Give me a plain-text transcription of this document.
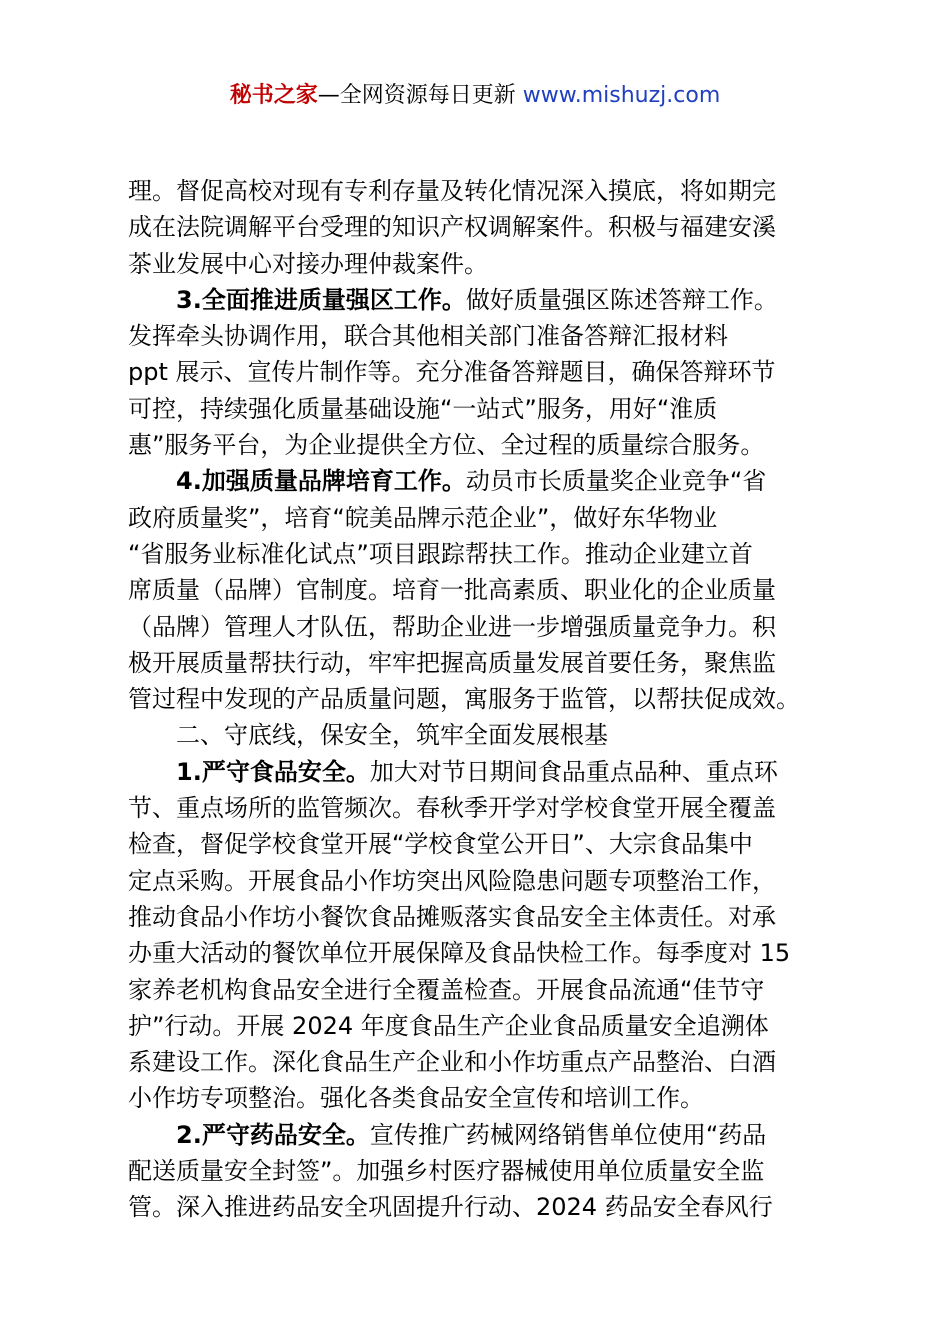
秘书之家—全网资源每日更新 www.mishuzj.com
理。督促高校对现有专利存量及转化情况深入摸底，将如期完
成在法院调解平台受理的知识产权调解案件。积极与福建安溪
茶业发展中心对接办理仲裁案件。
3.全面推进质量强区工作。做好质量强区陈述答辩工作。
发挥牵头协调作用，联合其他相关部门准备答辩汇报材料
ppt 展示、宣传片制作等。充分准备答辩题目，确保答辩环节
可控，持续强化质量基础设施“一站式”服务，用好“淮质
惠”服务平台，为企业提供全方位、全过程的质量综合服务。
4.加强质量品牌培育工作。动员市长质量奖企业竞争“省
政府质量奖”，培育“皖美品牌示范企业”，做好东华物业
“省服务业标准化试点”项目跟踪帮扶工作。推动企业建立首
席质量（品牌）官制度。培育一批高素质、职业化的企业质量
（品牌）管理人才队伍，帮助企业进一步增强质量竞争力。积
极开展质量帮扶行动，牢牢把握高质量发展首要任务，聚焦监
管过程中发现的产品质量问题，寓服务于监管，以帮扶促成效。
二、守底线，保安全，筑牢全面发展根基
1.严守食品安全。加大对节日期间食品重点品种、重点环
节、重点场所的监管频次。春秋季开学对学校食堂开展全覆盖
检查，督促学校食堂开展“学校食堂公开日”、大宗食品集中
定点采购。开展食品小作坊突出风险隐患问题专项整治工作，
推动食品小作坊小餐饮食品摊贩落实食品安全主体责任。对承
办重大活动的餐饮单位开展保障及食品快检工作。每季度对 15
家养老机构食品安全进行全覆盖检查。开展食品流通“佳节守
护”行动。开展 2024 年度食品生产企业食品质量安全追溯体
系建设工作。深化食品生产企业和小作坊重点产品整治、白酒
小作坊专项整治。强化各类食品安全宣传和培训工作。
2.严守药品安全。宣传推广药械网络销售单位使用“药品
配送质量安全封签”。加强乡村医疗器械使用单位质量安全监
管。深入推进药品安全巩固提升行动、2024 药品安全春风行
